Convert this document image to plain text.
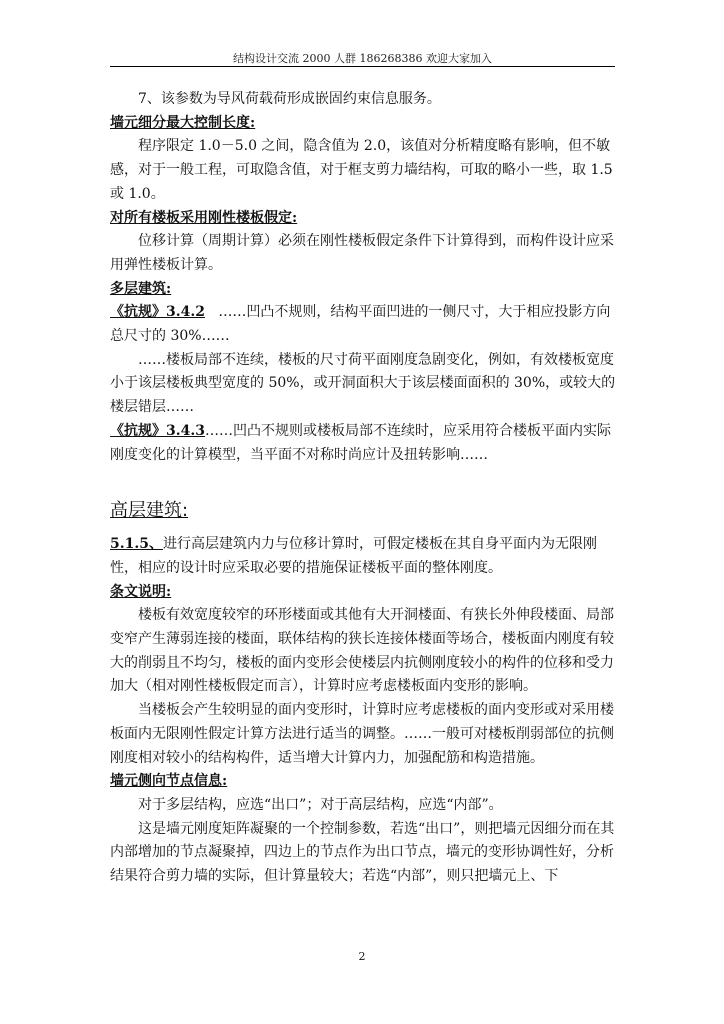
结构设计交流 2000 人群 186268386 欢迎大家加入

7、该参数为导风荷载荷形成嵌固约束信息服务。

墙元细分最大控制长度:

程序限定 1.0－5.0 之间，隐含值为 2.0，该值对分析精度略有影响，但不敏感，对于一般工程，可取隐含值，对于框支剪力墙结构，可取的略小一些，取 1.5 或 1.0。

对所有楼板采用刚性楼板假定:

位移计算（周期计算）必须在刚性楼板假定条件下计算得到，而构件设计应采用弹性楼板计算。

多层建筑:

《抗规》3.4.2 ……凹凸不规则，结构平面凹进的一侧尺寸，大于相应投影方向总尺寸的 30%……

……楼板局部不连续，楼板的尺寸荷平面刚度急剧变化，例如，有效楼板宽度小于该层楼板典型宽度的 50%，或开洞面积大于该层楼面面积的 30%，或较大的楼层错层……

《抗规》3.4.3……凹凸不规则或楼板局部不连续时，应采用符合楼板平面内实际刚度变化的计算模型，当平面不对称时尚应计及扭转影响……

高层建筑:

5.1.5、进行高层建筑内力与位移计算时，可假定楼板在其自身平面内为无限刚性，相应的设计时应采取必要的措施保证楼板平面的整体刚度。

条文说明:

楼板有效宽度较窄的环形楼面或其他有大开洞楼面、有狭长外伸段楼面、局部变窄产生薄弱连接的楼面，联体结构的狭长连接体楼面等场合，楼板面内刚度有较大的削弱且不均匀，楼板的面内变形会使楼层内抗侧刚度较小的构件的位移和受力加大（相对刚性楼板假定而言），计算时应考虑楼板面内变形的影响。

当楼板会产生较明显的面内变形时，计算时应考虑楼板的面内变形或对采用楼板面内无限刚性假定计算方法进行适当的调整。……一般可对楼板削弱部位的抗侧刚度相对较小的结构构件，适当增大计算内力，加强配筋和构造措施。

墙元侧向节点信息:

对于多层结构，应选“出口”；对于高层结构，应选“内部”。

这是墙元刚度矩阵凝聚的一个控制参数，若选“出口”，则把墙元因细分而在其内部增加的节点凝聚掉，四边上的节点作为出口节点，墙元的变形协调性好，分析结果符合剪力墙的实际，但计算量较大；若选“内部”，则只把墙元上、下

2
